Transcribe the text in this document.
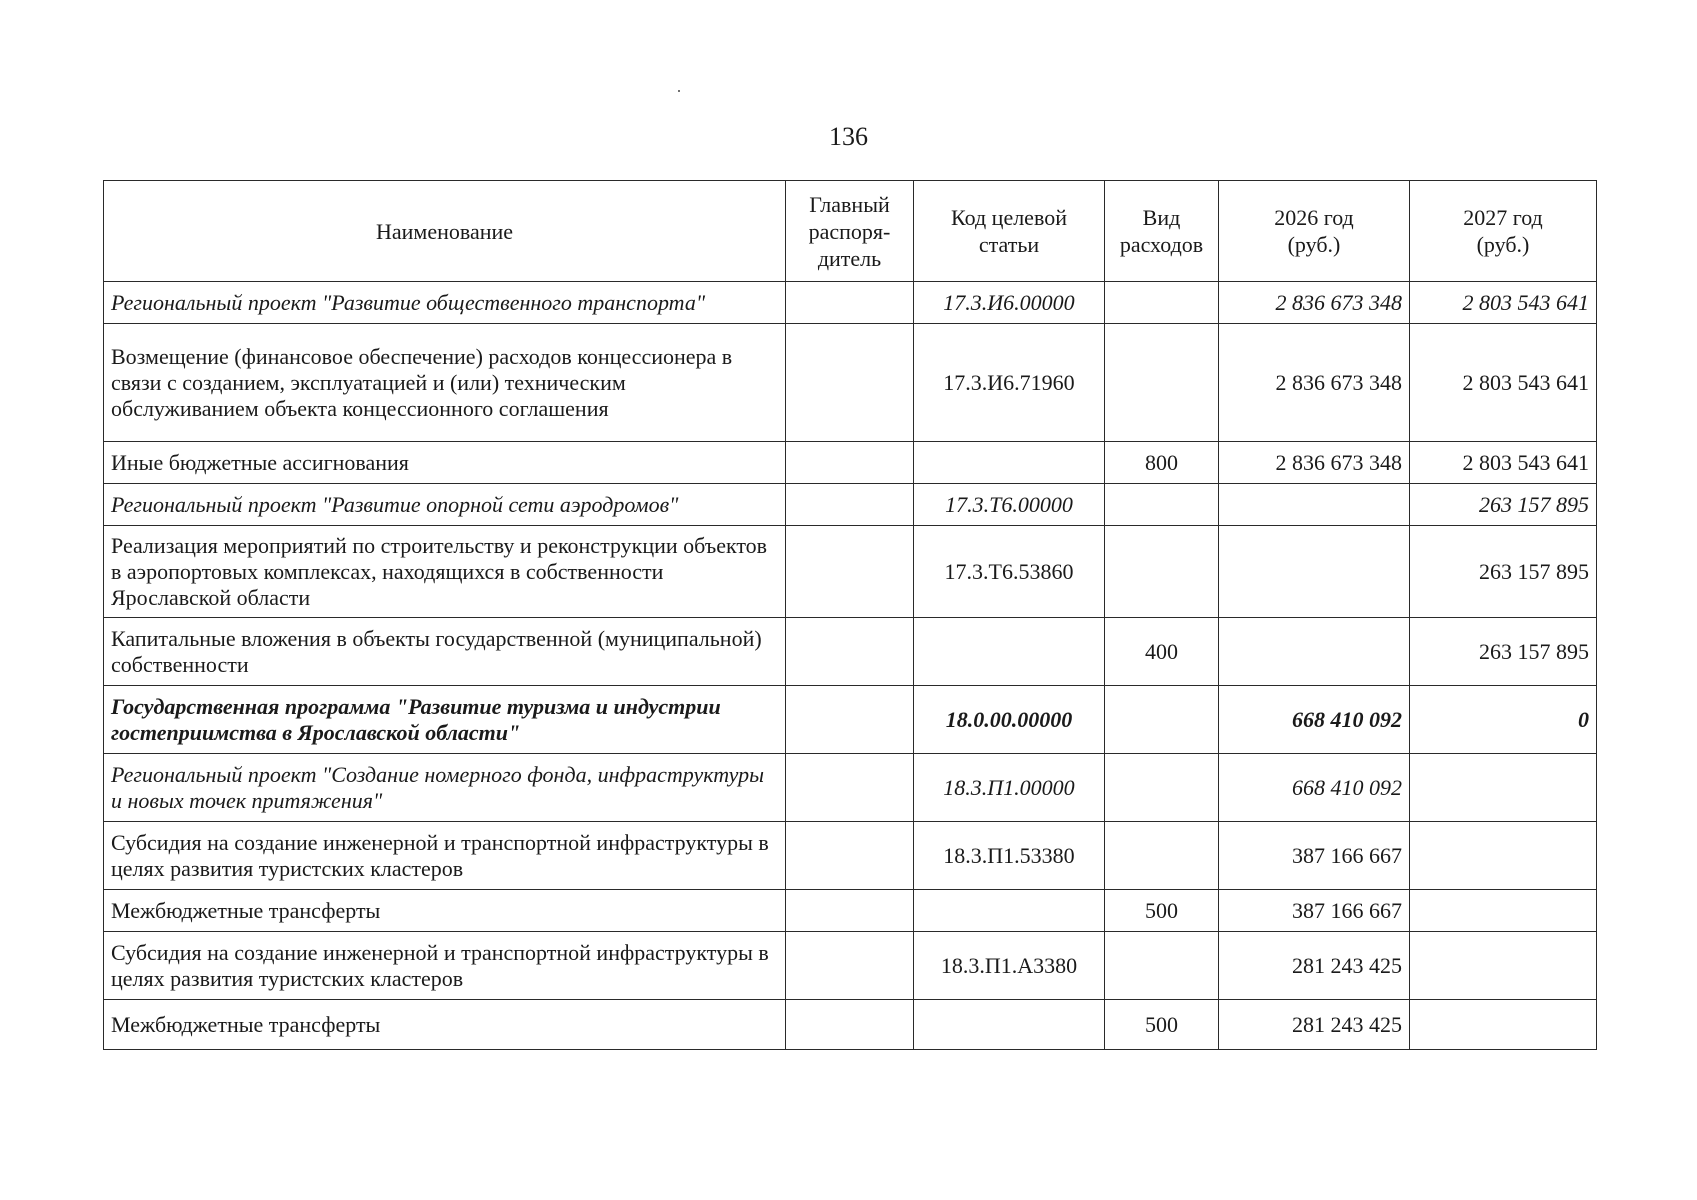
136
Наименование	Главный распоря-дитель	Код целевой статьи	Вид расходов	2026 год (руб.)	2027 год (руб.)
Региональный проект "Развитие общественного транспорта"		17.3.И6.00000		2 836 673 348	2 803 543 641
Возмещение (финансовое обеспечение) расходов концессионера в связи с созданием, эксплуатацией и (или) техническим обслуживанием объекта концессионного соглашения		17.3.И6.71960		2 836 673 348	2 803 543 641
Иные бюджетные ассигнования			800	2 836 673 348	2 803 543 641
Региональный проект "Развитие опорной сети аэродромов"		17.3.Т6.00000			263 157 895
Реализация мероприятий по строительству и реконструкции объектов в аэропортовых комплексах, находящихся в собственности Ярославской области		17.3.Т6.53860			263 157 895
Капитальные вложения в объекты государственной (муниципальной) собственности			400		263 157 895
Государственная программа "Развитие туризма и индустрии гостеприимства в Ярославской области"		18.0.00.00000		668 410 092	0
Региональный проект "Создание номерного фонда, инфраструктуры и новых точек притяжения"		18.3.П1.00000		668 410 092	
Субсидия на создание инженерной и транспортной инфраструктуры в целях развития туристских кластеров		18.3.П1.53380		387 166 667	
Межбюджетные трансферты			500	387 166 667	
Субсидия на создание инженерной и транспортной инфраструктуры в целях развития туристских кластеров		18.3.П1.А3380		281 243 425	
Межбюджетные трансферты			500	281 243 425	
